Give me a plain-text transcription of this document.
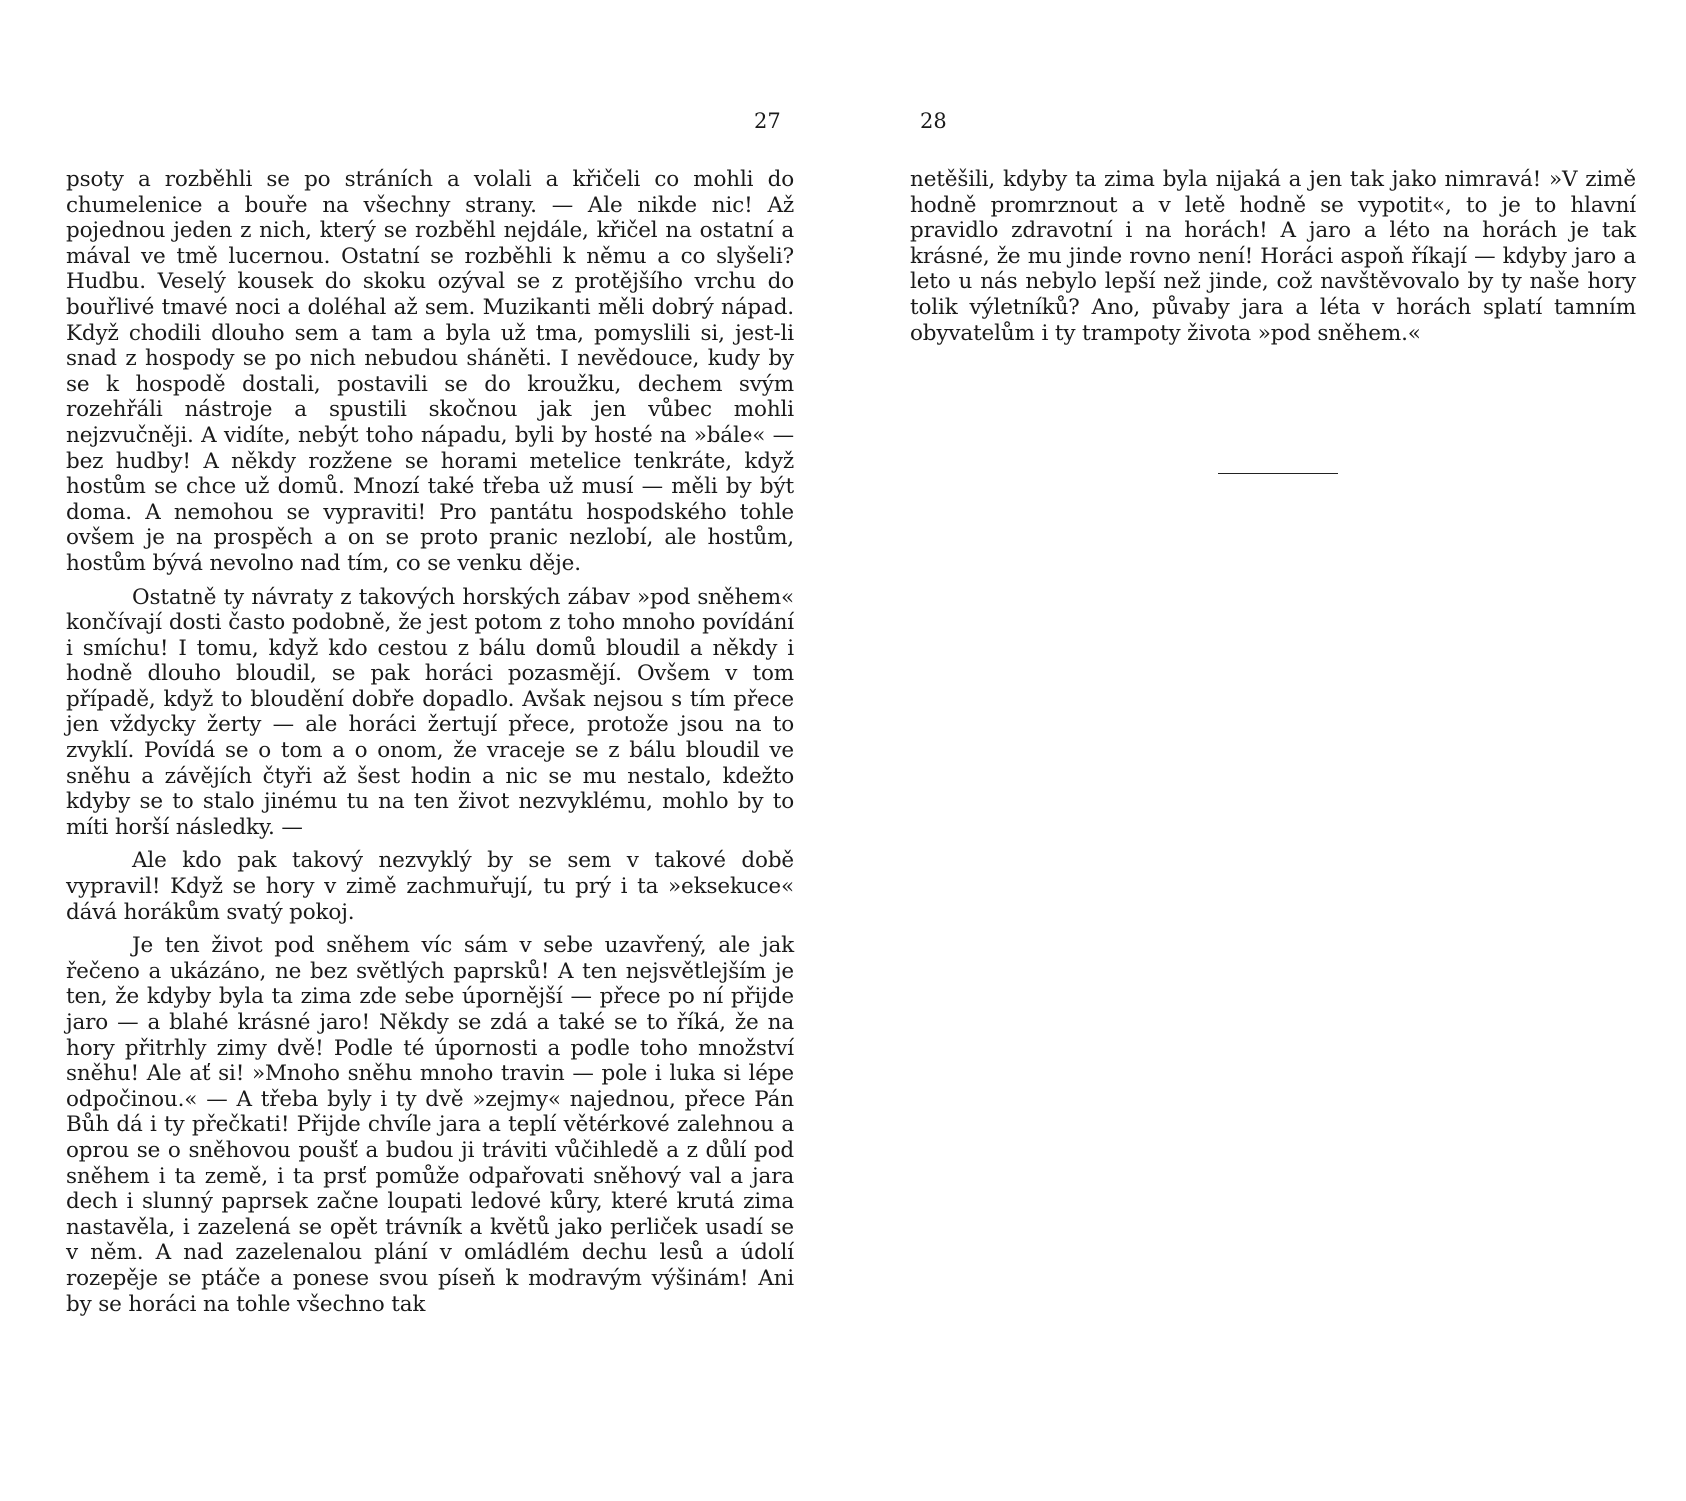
27

psoty a rozběhli se po stráních a volali a křičeli co mohli do chumelenice a bouře na všechny strany. — Ale nikde nic! Až pojednou jeden z nich, který se rozběhl nejdále, křičel na ostatní a mával ve tmě lucernou. Ostatní se rozběhli k němu a co slyšeli? Hudbu. Veselý kousek do skoku ozýval se z protějšího vrchu do bouřlivé tmavé noci a doléhal až sem. Muzikanti měli dobrý nápad. Když chodili dlouho sem a tam a byla už tma, pomyslili si, jest-li snad z hospody se po nich nebudou sháněti. I nevědouce, kudy by se k hospodě dostali, postavili se do kroužku, dechem svým rozehřáli nástroje a spustili skočnou jak jen vůbec mohli nejzvučněji. A vidíte, nebýt toho nápadu, byli by hosté na »bále« — bez hudby! A někdy rozžene se horami metelice tenkráte, když hostům se chce už domů. Mnozí také třeba už musí — měli by být doma. A nemohou se vypraviti! Pro pantátu hospodského tohle ovšem je na prospěch a on se proto pranic nezlobí, ale hostům, hostům bývá nevolno nad tím, co se venku děje.

Ostatně ty návraty z takových horských zábav »pod sněhem« končívají dosti často podobně, že jest potom z toho mnoho povídání i smíchu! I tomu, když kdo cestou z bálu domů bloudil a někdy i hodně dlouho bloudil, se pak horáci pozasmějí. Ovšem v tom případě, když to bloudění dobře dopadlo. Avšak nejsou s tím přece jen vždycky žerty — ale horáci žertují přece, protože jsou na to zvyklí. Povídá se o tom a o onom, že vraceje se z bálu bloudil ve sněhu a závějích čtyři až šest hodin a nic se mu nestalo, kdežto kdyby se to stalo jinému tu na ten život nezvyklému, mohlo by to míti horší následky. —

Ale kdo pak takový nezvyklý by se sem v takové době vypravil! Když se hory v zimě zachmuřují, tu prý i ta »eksekuce« dává horákům svatý pokoj.

Je ten život pod sněhem víc sám v sebe uzavřený, ale jak řečeno a ukázáno, ne bez světlých paprsků! A ten nejsvětlejším je ten, že kdyby byla ta zima zde sebe úpornější — přece po ní přijde jaro — a blahé krásné jaro! Někdy se zdá a také se to říká, že na hory přitrhly zimy dvě! Podle té úpornosti a podle toho množství sněhu! Ale ať si! »Mnoho sněhu mnoho travin — pole i luka si lépe odpočinou.« — A třeba byly i ty dvě »zejmy« najednou, přece Pán Bůh dá i ty přečkati! Přijde chvíle jara a teplí větérkové zalehnou a oprou se o sněhovou poušť a budou ji tráviti vůčihledě a z důlí pod sněhem i ta země, i ta prsť pomůže odpařovati sněhový val a jara dech i slunný paprsek začne loupati ledové kůry, které krutá zima nastavěla, i zazelená se opět trávník a květů jako perliček usadí se v něm. A nad zazelenalou plání v omládlém dechu lesů a údolí rozepěje se ptáče a ponese svou píseň k modravým výšinám! Ani by se horáci na tohle všechno tak

28

netěšili, kdyby ta zima byla nijaká a jen tak jako nimravá! »V zimě hodně promrznout a v letě hodně se vypotit«, to je to hlavní pravidlo zdravotní i na horách! A jaro a léto na horách je tak krásné, že mu jinde rovno není! Horáci aspoň říkají — kdyby jaro a leto u nás nebylo lepší než jinde, což navštěvovalo by ty naše hory tolik výletníků? Ano, půvaby jara a léta v horách splatí tamním obyvatelům i ty trampoty života »pod sněhem.«
